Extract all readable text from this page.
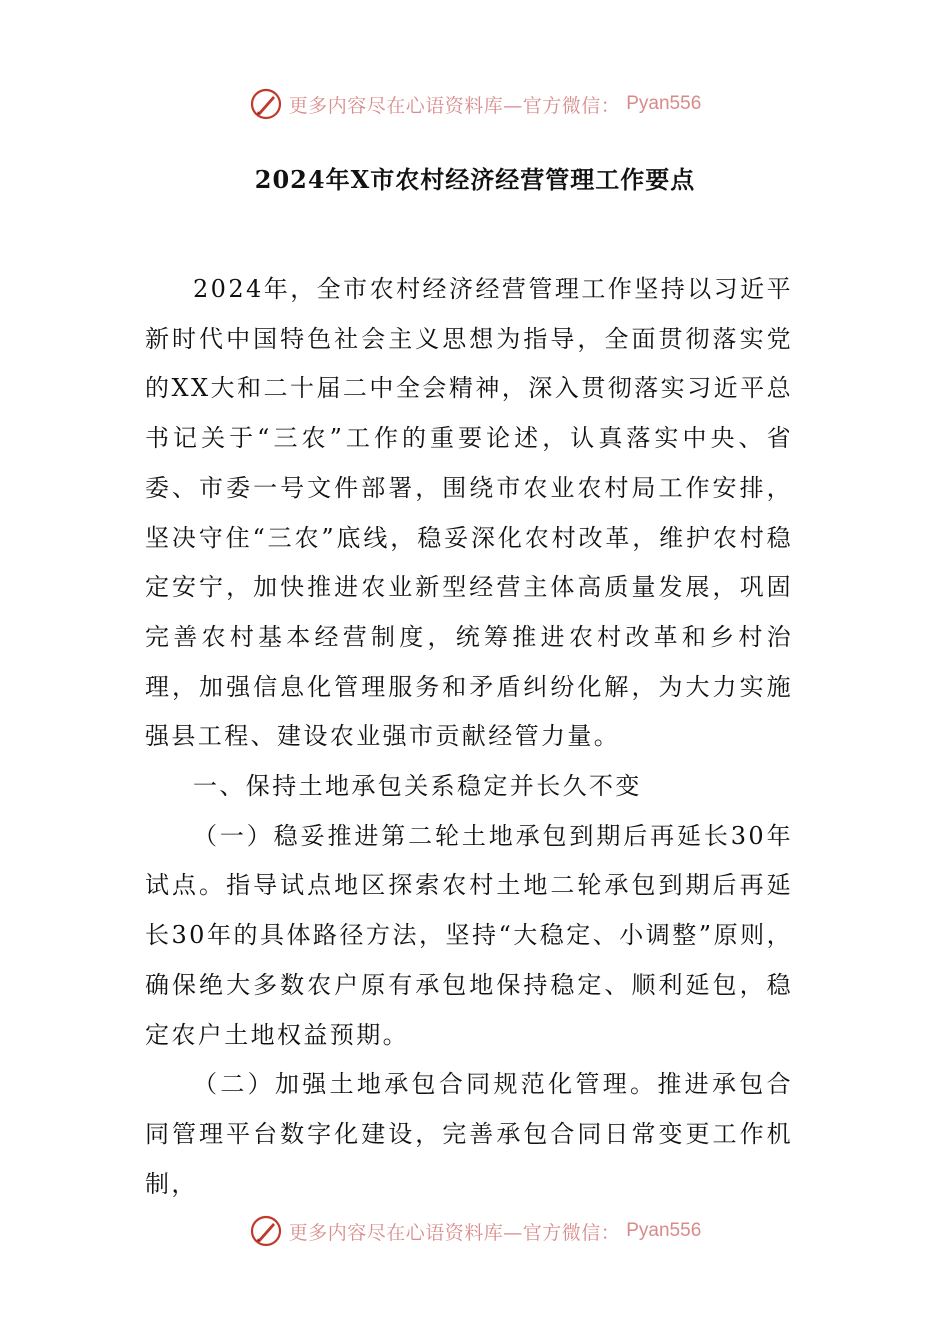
更多内容尽在心语资料库—官方微信： Pyan556
2024年X市农村经济经营管理工作要点

2024年，全市农村经济经营管理工作坚持以习近平新时代中国特色社会主义思想为指导，全面贯彻落实党的XX大和二十届二中全会精神，深入贯彻落实习近平总书记关于“三农”工作的重要论述，认真落实中央、省委、市委一号文件部署，围绕市农业农村局工作安排，坚决守住“三农”底线，稳妥深化农村改革，维护农村稳定安宁，加快推进农业新型经营主体高质量发展，巩固完善农村基本经营制度，统筹推进农村改革和乡村治理，加强信息化管理服务和矛盾纠纷化解，为大力实施强县工程、建设农业强市贡献经管力量。

一、保持土地承包关系稳定并长久不变

（一）稳妥推进第二轮土地承包到期后再延长30年试点。指导试点地区探索农村土地二轮承包到期后再延长30年的具体路径方法，坚持“大稳定、小调整”原则，确保绝大多数农户原有承包地保持稳定、顺利延包，稳定农户土地权益预期。

（二）加强土地承包合同规范化管理。推进承包合同管理平台数字化建设，完善承包合同日常变更工作机制，

更多内容尽在心语资料库—官方微信： Pyan556
